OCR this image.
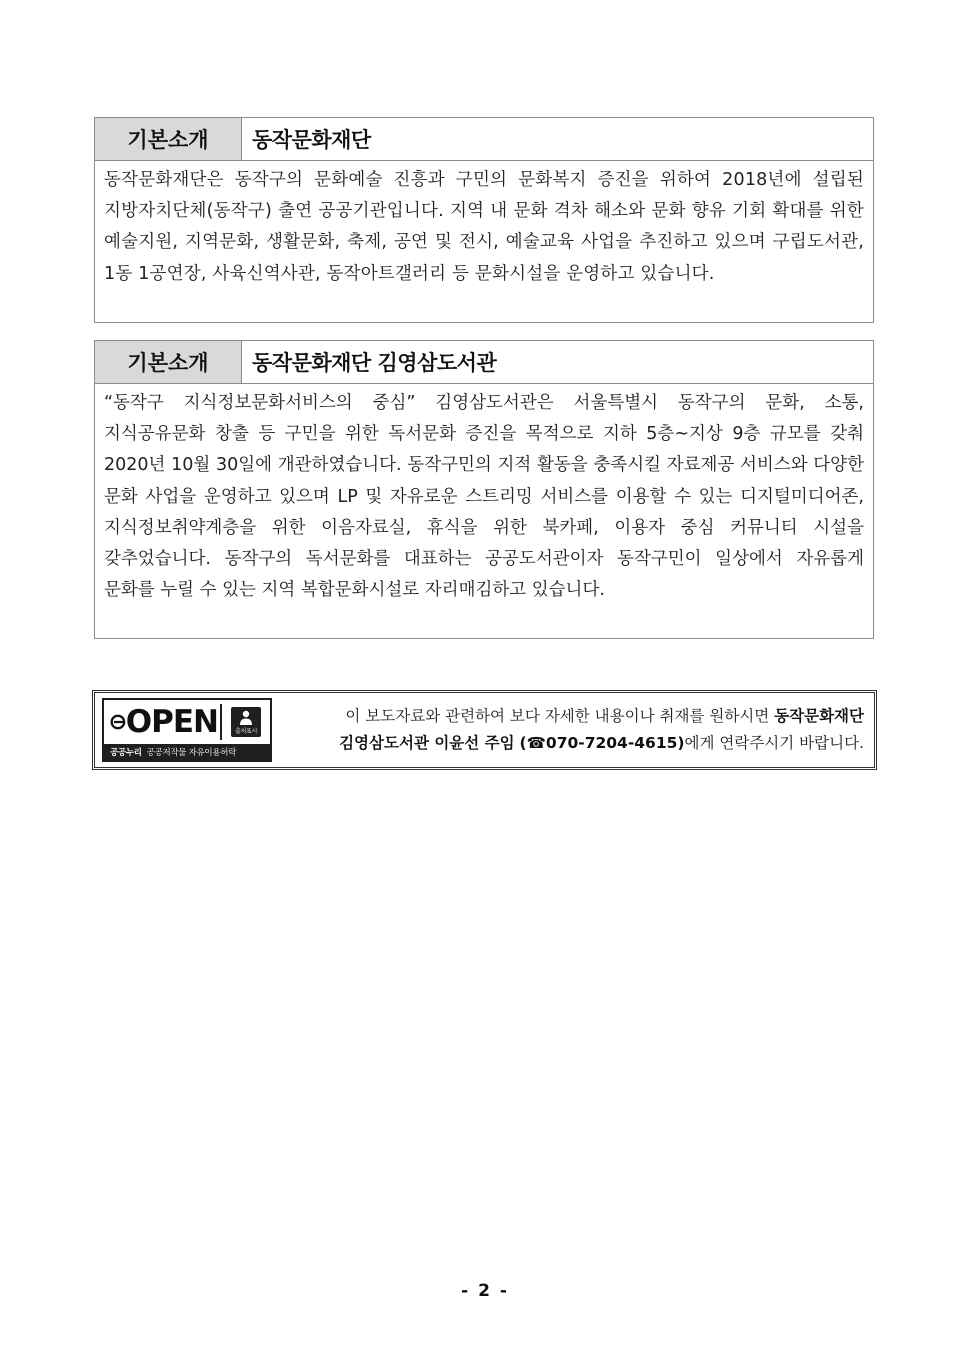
기본소개	동작문화재단
동작문화재단은 동작구의 문화예술 진흥과 구민의 문화복지 증진을 위하여 2018년에 설립된 지방자치단체(동작구) 출연 공공기관입니다. 지역 내 문화 격차 해소와 문화 향유 기회 확대를 위한 예술지원, 지역문화, 생활문화, 축제, 공연 및 전시, 예술교육 사업을 추진하고 있으며 구립도서관, 1동 1공연장, 사육신역사관, 동작아트갤러리 등 문화시설을 운영하고 있습니다.
기본소개	동작문화재단 김영삼도서관
“동작구 지식정보문화서비스의 중심” 김영삼도서관은 서울특별시 동작구의 문화, 소통, 지식공유문화 창출 등 구민을 위한 독서문화 증진을 목적으로 지하 5층~지상 9층 규모를 갖춰 2020년 10월 30일에 개관하였습니다. 동작구민의 지적 활동을 충족시킬 자료제공 서비스와 다양한 문화 사업을 운영하고 있으며 LP 및 자유로운 스트리밍 서비스를 이용할 수 있는 디지털미디어존, 지식정보취약계층을 위한 이음자료실, 휴식을 위한 북카페, 이용자 중심 커뮤니티 시설을 갖추었습니다. 동작구의 독서문화를 대표하는 공공도서관이자 동작구민이 일상에서 자유롭게 문화를 누릴 수 있는 지역 복합문화시설로 자리매김하고 있습니다.
OPEN	출처표시
공공누리 공공저작물 자유이용허락
이 보도자료와 관련하여 보다 자세한 내용이나 취재를 원하시면 동작문화재단
김영삼도서관 이윤선 주임 (☎070-7204-4615)에게 연락주시기 바랍니다.
- 2 -
